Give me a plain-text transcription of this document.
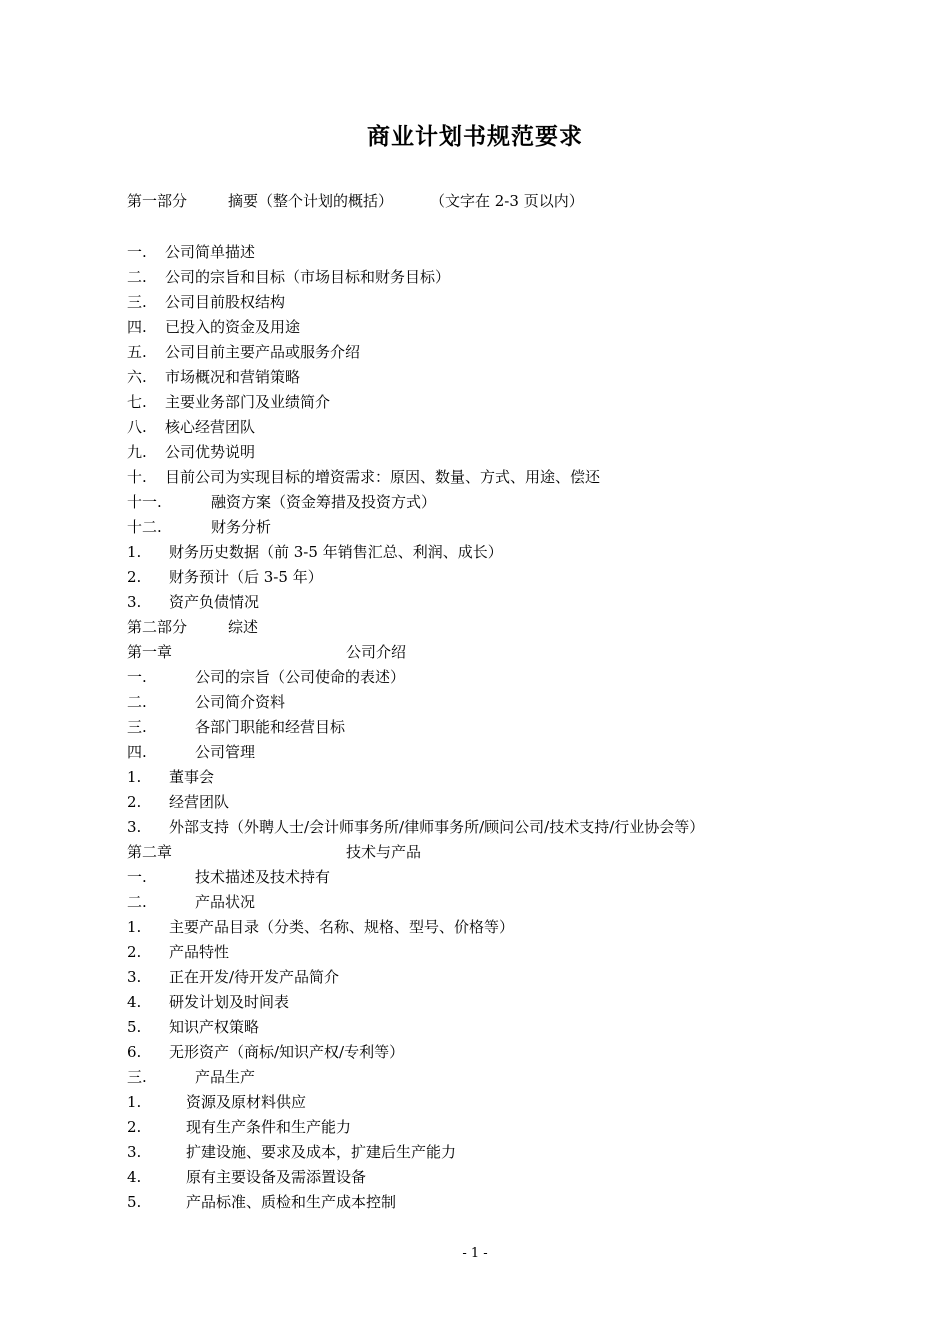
商业计划书规范要求
第一部分	摘要（整个计划的概括） （文字在 2-3 页以内）
一. 公司简单描述
二. 公司的宗旨和目标（市场目标和财务目标）
三. 公司目前股权结构
四. 已投入的资金及用途
五. 公司目前主要产品或服务介绍
六. 市场概况和营销策略
七. 主要业务部门及业绩简介
八. 核心经营团队
九. 公司优势说明
十. 目前公司为实现目标的增资需求：原因、数量、方式、用途、偿还
十一.	融资方案（资金筹措及投资方式）
十二.	财务分析
1. 财务历史数据（前 3-5 年销售汇总、利润、成长）
2. 财务预计（后 3-5 年）
3. 资产负债情况
第二部分	综述
第一章	公司介绍
一.	公司的宗旨（公司使命的表述）
二.	公司简介资料
三.	各部门职能和经营目标
四.	公司管理
1. 董事会
2. 经营团队
3. 外部支持（外聘人士/会计师事务所/律师事务所/顾问公司/技术支持/行业协会等）
第二章	技术与产品
一.	技术描述及技术持有
二.	产品状况
1. 主要产品目录（分类、名称、规格、型号、价格等）
2. 产品特性
3. 正在开发/待开发产品简介
4. 研发计划及时间表
5. 知识产权策略
6. 无形资产（商标/知识产权/专利等）
三.	产品生产
1.	资源及原材料供应
2.	现有生产条件和生产能力
3.	扩建设施、要求及成本，扩建后生产能力
4.	原有主要设备及需添置设备
5.	产品标准、质检和生产成本控制
- 1 -
